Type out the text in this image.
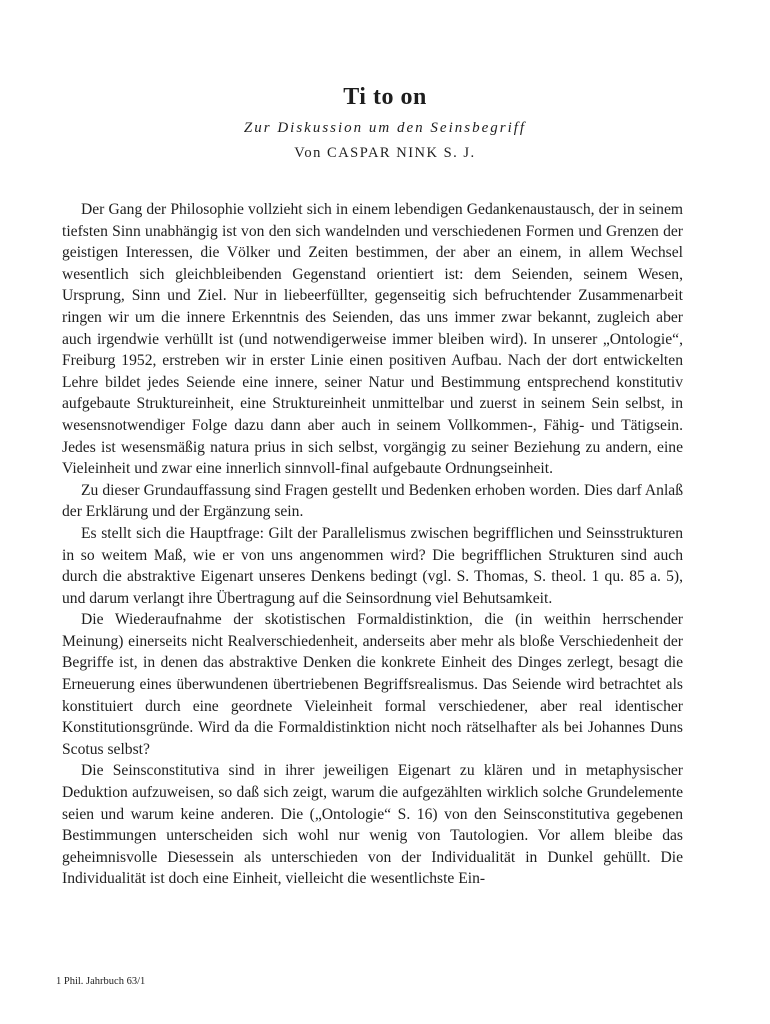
Ti to on
Zur Diskussion um den Seinsbegriff
Von CASPAR NINK S. J.

Der Gang der Philosophie vollzieht sich in einem lebendigen Gedankenaustausch, der in seinem tiefsten Sinn unabhängig ist von den sich wandelnden und verschiedenen Formen und Grenzen der geistigen Interessen, die Völker und Zeiten bestimmen, der aber an einem, in allem Wechsel wesentlich sich gleichbleibenden Gegenstand orientiert ist: dem Seienden, seinem Wesen, Ursprung, Sinn und Ziel. Nur in liebeerfüllter, gegenseitig sich befruchtender Zusammenarbeit ringen wir um die innere Erkenntnis des Seienden, das uns immer zwar bekannt, zugleich aber auch irgendwie verhüllt ist (und notwendigerweise immer bleiben wird). In unserer „Ontologie“, Freiburg 1952, erstreben wir in erster Linie einen positiven Aufbau. Nach der dort entwickelten Lehre bildet jedes Seiende eine innere, seiner Natur und Bestimmung entsprechend konstitutiv aufgebaute Struktureinheit, eine Struktureinheit unmittelbar und zuerst in seinem Sein selbst, in wesensnotwendiger Folge dazu dann aber auch in seinem Vollkommen-, Fähig- und Tätigsein. Jedes ist wesensmäßig natura prius in sich selbst, vorgängig zu seiner Beziehung zu andern, eine Vieleinheit und zwar eine innerlich sinnvoll-final aufgebaute Ordnungseinheit.

Zu dieser Grundauffassung sind Fragen gestellt und Bedenken erhoben worden. Dies darf Anlaß der Erklärung und der Ergänzung sein.

Es stellt sich die Hauptfrage: Gilt der Parallelismus zwischen begrifflichen und Seinsstrukturen in so weitem Maß, wie er von uns angenommen wird? Die begrifflichen Strukturen sind auch durch die abstraktive Eigenart unseres Denkens bedingt (vgl. S. Thomas, S. theol. 1 qu. 85 a. 5), und darum verlangt ihre Übertragung auf die Seinsordnung viel Behutsamkeit.

Die Wiederaufnahme der skotistischen Formaldistinktion, die (in weithin herrschender Meinung) einerseits nicht Realverschiedenheit, anderseits aber mehr als bloße Verschiedenheit der Begriffe ist, in denen das abstraktive Denken die konkrete Einheit des Dinges zerlegt, besagt die Erneuerung eines überwundenen übertriebenen Begriffsrealismus. Das Seiende wird betrachtet als konstituiert durch eine geordnete Vieleinheit formal verschiedener, aber real identischer Konstitutionsgründe. Wird da die Formaldistinktion nicht noch rätselhafter als bei Johannes Duns Scotus selbst?

Die Seinsconstitutiva sind in ihrer jeweiligen Eigenart zu klären und in metaphysischer Deduktion aufzuweisen, so daß sich zeigt, warum die aufgezählten wirklich solche Grundelemente seien und warum keine anderen. Die („Ontologie“ S. 16) von den Seinsconstitutiva gegebenen Bestimmungen unterscheiden sich wohl nur wenig von Tautologien. Vor allem bleibe das geheimnisvolle Diesessein als unterschieden von der Individualität in Dunkel gehüllt. Die Individualität ist doch eine Einheit, vielleicht die wesentlichste Ein-

1 Phil. Jahrbuch 63/1
